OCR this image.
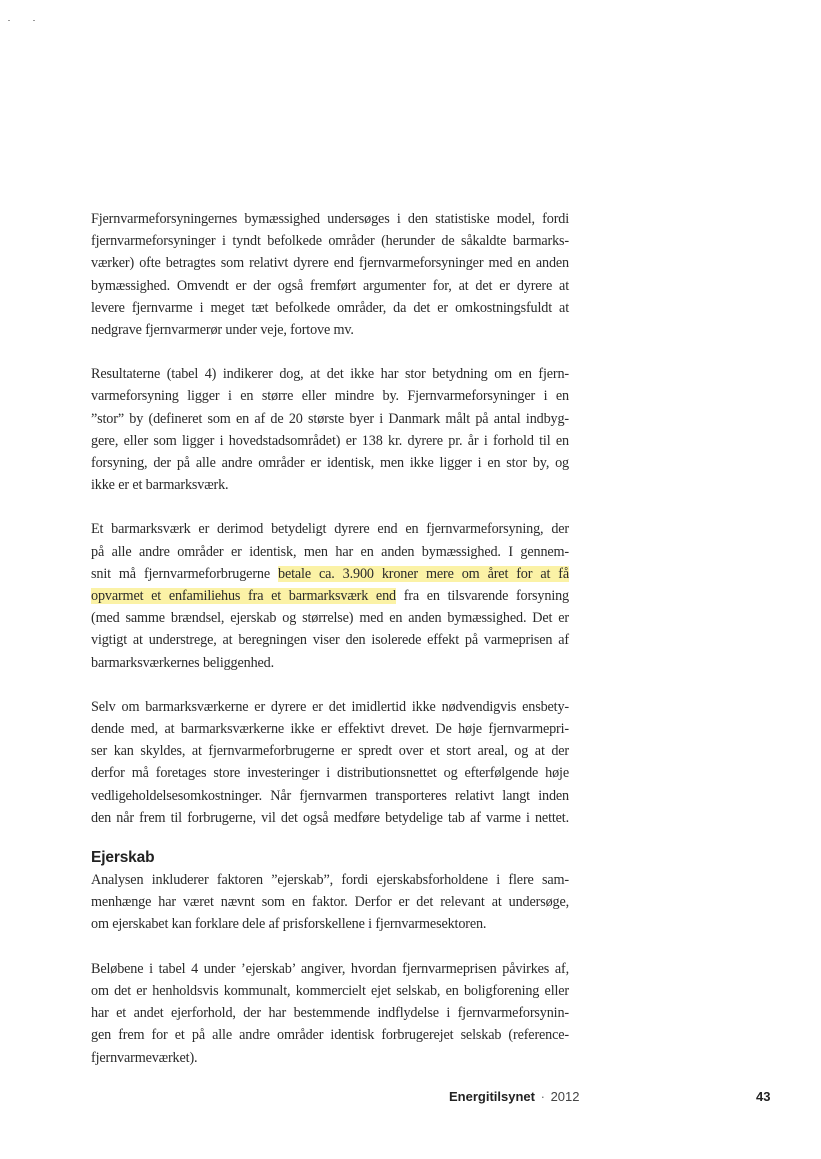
Fjernvarmeforsyningernes bymæssighed undersøges i den statistiske model, fordi
fjernvarmeforsyninger i tyndt befolkede områder (herunder de såkaldte barmarks-
værker) ofte betragtes som relativt dyrere end fjernvarmeforsyninger med en anden
bymæssighed. Omvendt er der også fremført argumenter for, at det er dyrere at
levere fjernvarme i meget tæt befolkede områder, da det er omkostningsfuldt at
nedgrave fjernvarmerør under veje, fortove mv.

Resultaterne (tabel 4) indikerer dog, at det ikke har stor betydning om en fjern-
varmeforsyning ligger i en større eller mindre by. Fjernvarmeforsyninger i en
”stor” by (defineret som en af de 20 største byer i Danmark målt på antal indbyg-
gere, eller som ligger i hovedstadsområdet) er 138 kr. dyrere pr. år i forhold til en
forsyning, der på alle andre områder er identisk, men ikke ligger i en stor by, og
ikke er et barmarksværk.

Et barmarksværk er derimod betydeligt dyrere end en fjernvarmeforsyning, der
på alle andre områder er identisk, men har en anden bymæssighed. I gennem-
snit må fjernvarmeforbrugerne betale ca. 3.900 kroner mere om året for at få
opvarmet et enfamiliehus fra et barmarksværk end fra en tilsvarende forsyning
(med samme brændsel, ejerskab og størrelse) med en anden bymæssighed. Det er
vigtigt at understrege, at beregningen viser den isolerede effekt på varmeprisen af
barmarksværkernes beliggenhed.

Selv om barmarksværkerne er dyrere er det imidlertid ikke nødvendigvis ensbety-
dende med, at barmarksværkerne ikke er effektivt drevet. De høje fjernvarmepri-
ser kan skyldes, at fjernvarmeforbrugerne er spredt over et stort areal, og at der
derfor må foretages store investeringer i distributionsnettet og efterfølgende høje
vedligeholdelsesomkostninger. Når fjernvarmen transporteres relativt langt inden
den når frem til forbrugerne, vil det også medføre betydelige tab af varme i nettet.

Ejerskab

Analysen inkluderer faktoren ”ejerskab”, fordi ejerskabsforholdene i flere sam-
menhænge har været nævnt som en faktor. Derfor er det relevant at undersøge,
om ejerskabet kan forklare dele af prisforskellene i fjernvarmesektoren.

Beløbene i tabel 4 under ’ejerskab’ angiver, hvordan fjernvarmeprisen påvirkes af,
om det er henholdsvis kommunalt, kommercielt ejet selskab, en boligforening eller
har et andet ejerforhold, der har bestemmende indflydelse i fjernvarmeforsynin-
gen frem for et på alle andre områder identisk forbrugerejet selskab (reference-
fjernvarmeværket).

Energitilsynet · 2012	43
